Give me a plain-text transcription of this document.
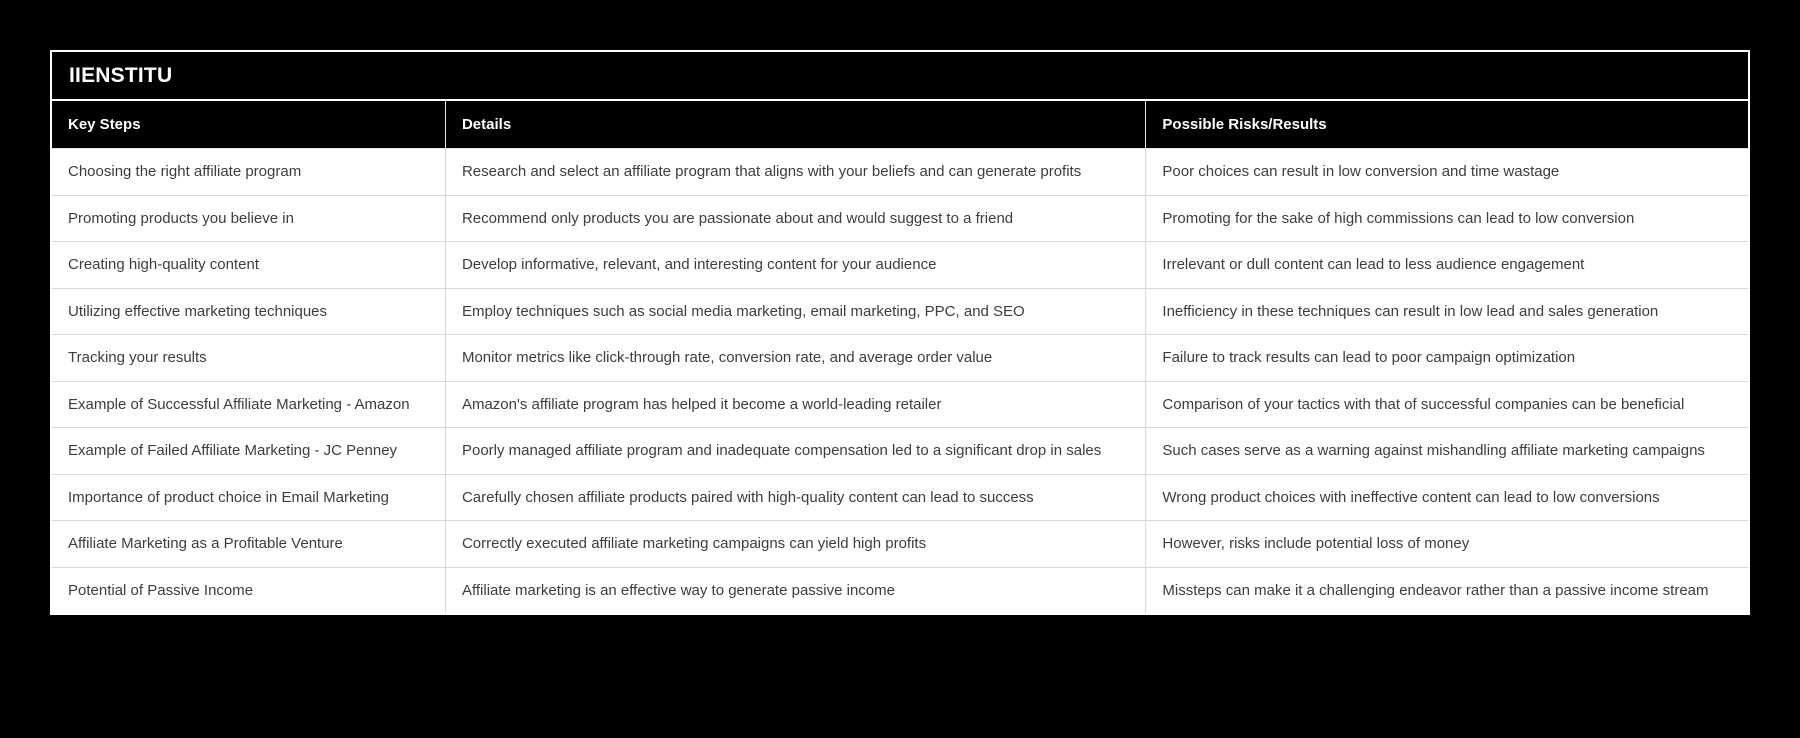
IIENSTITU
Key Steps	Details	Possible Risks/Results
Choosing the right affiliate program	Research and select an affiliate program that aligns with your beliefs and can generate profits	Poor choices can result in low conversion and time wastage
Promoting products you believe in	Recommend only products you are passionate about and would suggest to a friend	Promoting for the sake of high commissions can lead to low conversion
Creating high-quality content	Develop informative, relevant, and interesting content for your audience	Irrelevant or dull content can lead to less audience engagement
Utilizing effective marketing techniques	Employ techniques such as social media marketing, email marketing, PPC, and SEO	Inefficiency in these techniques can result in low lead and sales generation
Tracking your results	Monitor metrics like click-through rate, conversion rate, and average order value	Failure to track results can lead to poor campaign optimization
Example of Successful Affiliate Marketing - Amazon	Amazon's affiliate program has helped it become a world-leading retailer	Comparison of your tactics with that of successful companies can be beneficial
Example of Failed Affiliate Marketing - JC Penney	Poorly managed affiliate program and inadequate compensation led to a significant drop in sales	Such cases serve as a warning against mishandling affiliate marketing campaigns
Importance of product choice in Email Marketing	Carefully chosen affiliate products paired with high-quality content can lead to success	Wrong product choices with ineffective content can lead to low conversions
Affiliate Marketing as a Profitable Venture	Correctly executed affiliate marketing campaigns can yield high profits	However, risks include potential loss of money
Potential of Passive Income	Affiliate marketing is an effective way to generate passive income	Missteps can make it a challenging endeavor rather than a passive income stream
